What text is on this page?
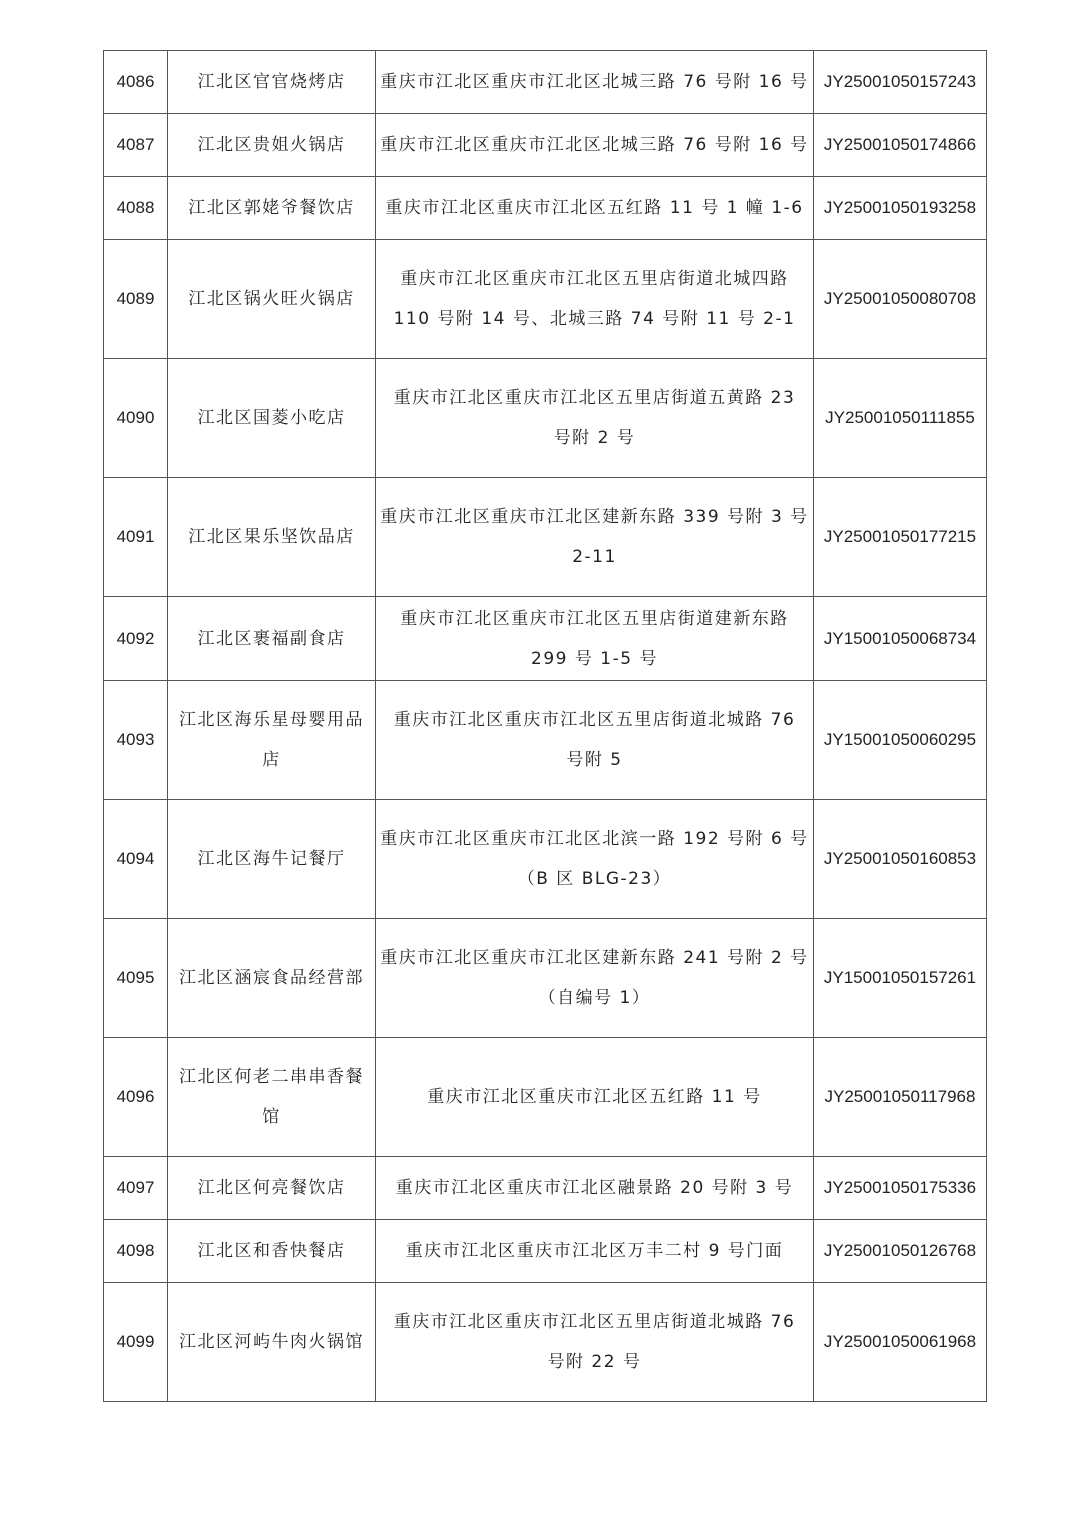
4086	江北区官官烧烤店	重庆市江北区重庆市江北区北城三路 76 号附 16 号	JY25001050157243
4087	江北区贵姐火锅店	重庆市江北区重庆市江北区北城三路 76 号附 16 号	JY25001050174866
4088	江北区郭姥爷餐饮店	重庆市江北区重庆市江北区五红路 11 号 1 幢 1-6	JY25001050193258
4089	江北区锅火旺火锅店	重庆市江北区重庆市江北区五里店街道北城四路
110 号附 14 号、北城三路 74 号附 11 号 2-1	JY25001050080708
4090	江北区国菱小吃店	重庆市江北区重庆市江北区五里店街道五黄路 23
号附 2 号	JY25001050111855
4091	江北区果乐坚饮品店	重庆市江北区重庆市江北区建新东路 339 号附 3 号
2-11	JY25001050177215
4092	江北区裹福副食店	重庆市江北区重庆市江北区五里店街道建新东路
299 号 1-5 号	JY15001050068734
4093	江北区海乐星母婴用品店	重庆市江北区重庆市江北区五里店街道北城路 76
号附 5	JY15001050060295
4094	江北区海牛记餐厅	重庆市江北区重庆市江北区北滨一路 192 号附 6 号
（B 区 BLG-23）	JY25001050160853
4095	江北区涵宸食品经营部	重庆市江北区重庆市江北区建新东路 241 号附 2 号
（自编号 1）	JY15001050157261
4096	江北区何老二串串香餐馆	重庆市江北区重庆市江北区五红路 11 号	JY25001050117968
4097	江北区何亮餐饮店	重庆市江北区重庆市江北区融景路 20 号附 3 号	JY25001050175336
4098	江北区和香快餐店	重庆市江北区重庆市江北区万丰二村 9 号门面	JY25001050126768
4099	江北区河屿牛肉火锅馆	重庆市江北区重庆市江北区五里店街道北城路 76
号附 22 号	JY25001050061968
